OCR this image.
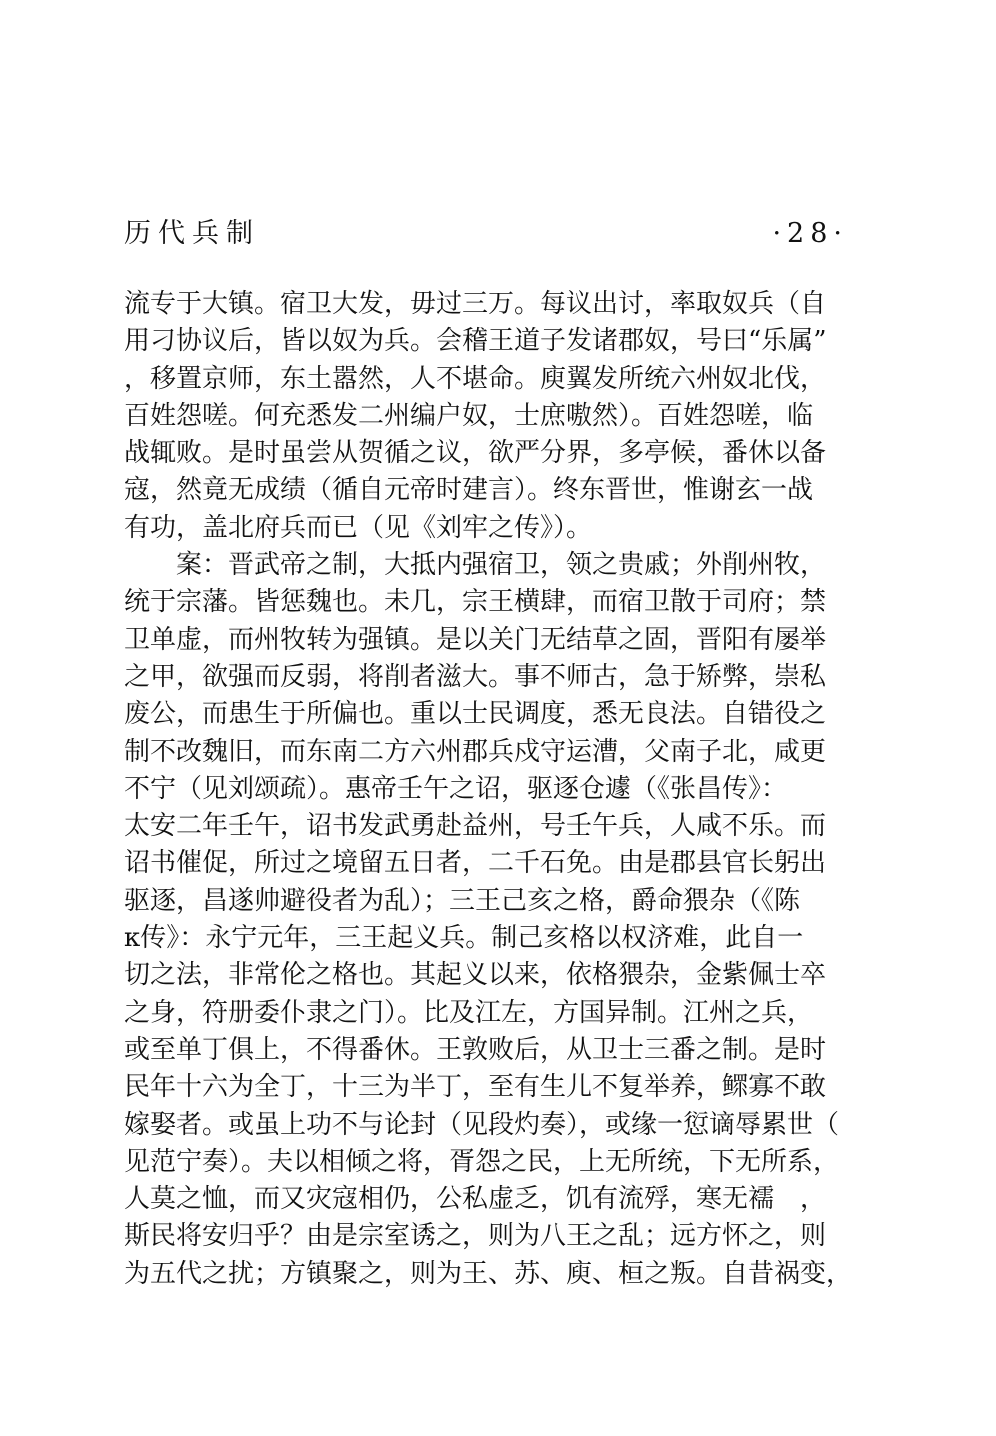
历代兵制	·28·
流专于大镇。宿卫大发，毋过三万。每议出讨，率取奴兵（自
用刁协议后，皆以奴为兵。会稽王道子发诸郡奴，号曰“乐属”
，移置京师，东土嚣然，人不堪命。庾翼发所统六州奴北伐，
百姓怨嗟。何充悉发二州编户奴，士庶嗷然）。百姓怨嗟，临
战辄败。是时虽尝从贺循之议，欲严分界，多亭候，番休以备
寇，然竟无成绩（循自元帝时建言）。终东晋世，惟谢玄一战
有功，盖北府兵而已（见《刘牢之传》）。
　　案：晋武帝之制，大抵内强宿卫，领之贵戚；外削州牧，
统于宗藩。皆惩魏也。未几，宗王横肆，而宿卫散于司府；禁
卫单虚，而州牧转为强镇。是以关门无结草之固，晋阳有屡举
之甲，欲强而反弱，将削者滋大。事不师古，急于矫弊，崇私
废公，而患生于所偏也。重以士民调度，悉无良法。自错役之
制不改魏旧，而东南二方六州郡兵戍守运漕，父南子北，咸更
不宁（见刘颂疏）。惠帝壬午之诏，驱逐仓遽（《张昌传》：
太安二年壬午，诏书发武勇赴益州，号壬午兵，人咸不乐。而
诏书催促，所过之境留五日者，二千石免。由是郡县官长躬出
驱逐，昌遂帅避役者为乱）；三王己亥之格，爵命猥杂（《陈
κ传》：永宁元年，三王起义兵。制己亥格以权济难，此自一
切之法，非常伦之格也。其起义以来，依格猥杂，金紫佩士卒
之身，符册委仆隶之门）。比及江左，方国异制。江州之兵，
或至单丁俱上，不得番休。王敦败后，从卫士三番之制。是时
民年十六为全丁，十三为半丁，至有生儿不复举养，鳏寡不敢
嫁娶者。或虽上功不与论封（见段灼奏），或缘一愆谪辱累世（
见范宁奏）。夫以相倾之将，胥怨之民，上无所统，下无所系，
人莫之恤，而又灾寇相仍，公私虚乏，饥有流殍，寒无襦　，
斯民将安归乎？由是宗室诱之，则为八王之乱；远方怀之，则
为五代之扰；方镇聚之，则为王、苏、庾、桓之叛。自昔祸变，
